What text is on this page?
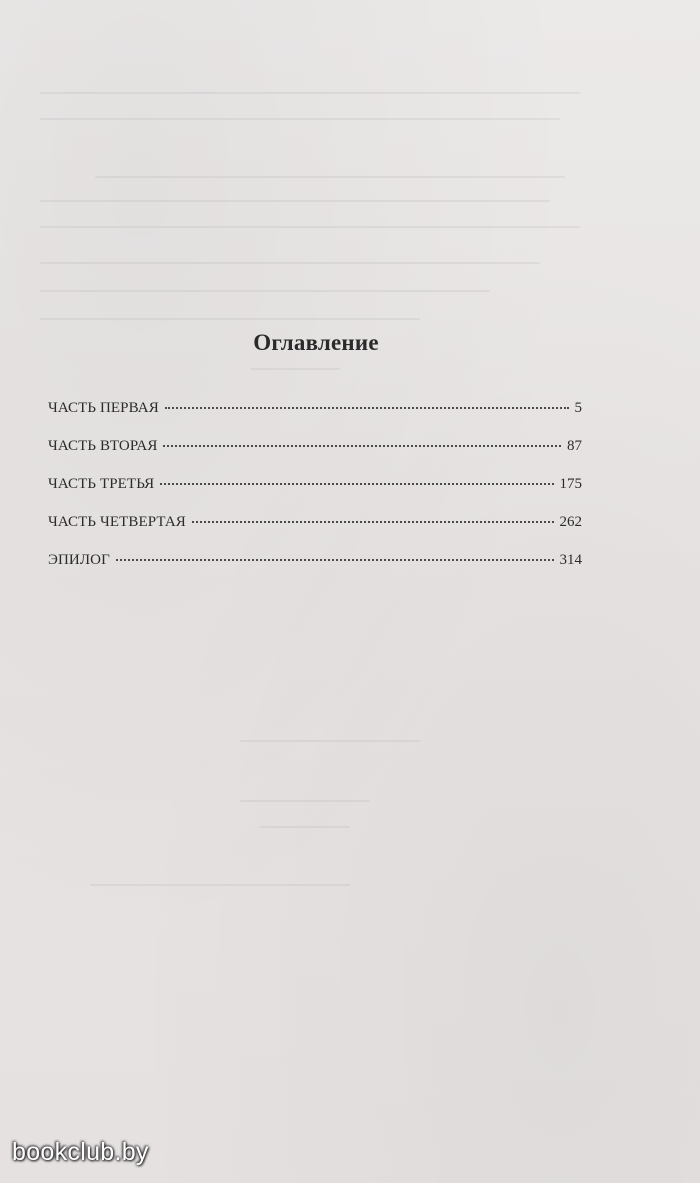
Оглавление
ЧАСТЬ ПЕРВАЯ	5
ЧАСТЬ ВТОРАЯ	87
ЧАСТЬ ТРЕТЬЯ	175
ЧАСТЬ ЧЕТВЕРТАЯ	262
ЭПИЛОГ	314
bookclub.by
